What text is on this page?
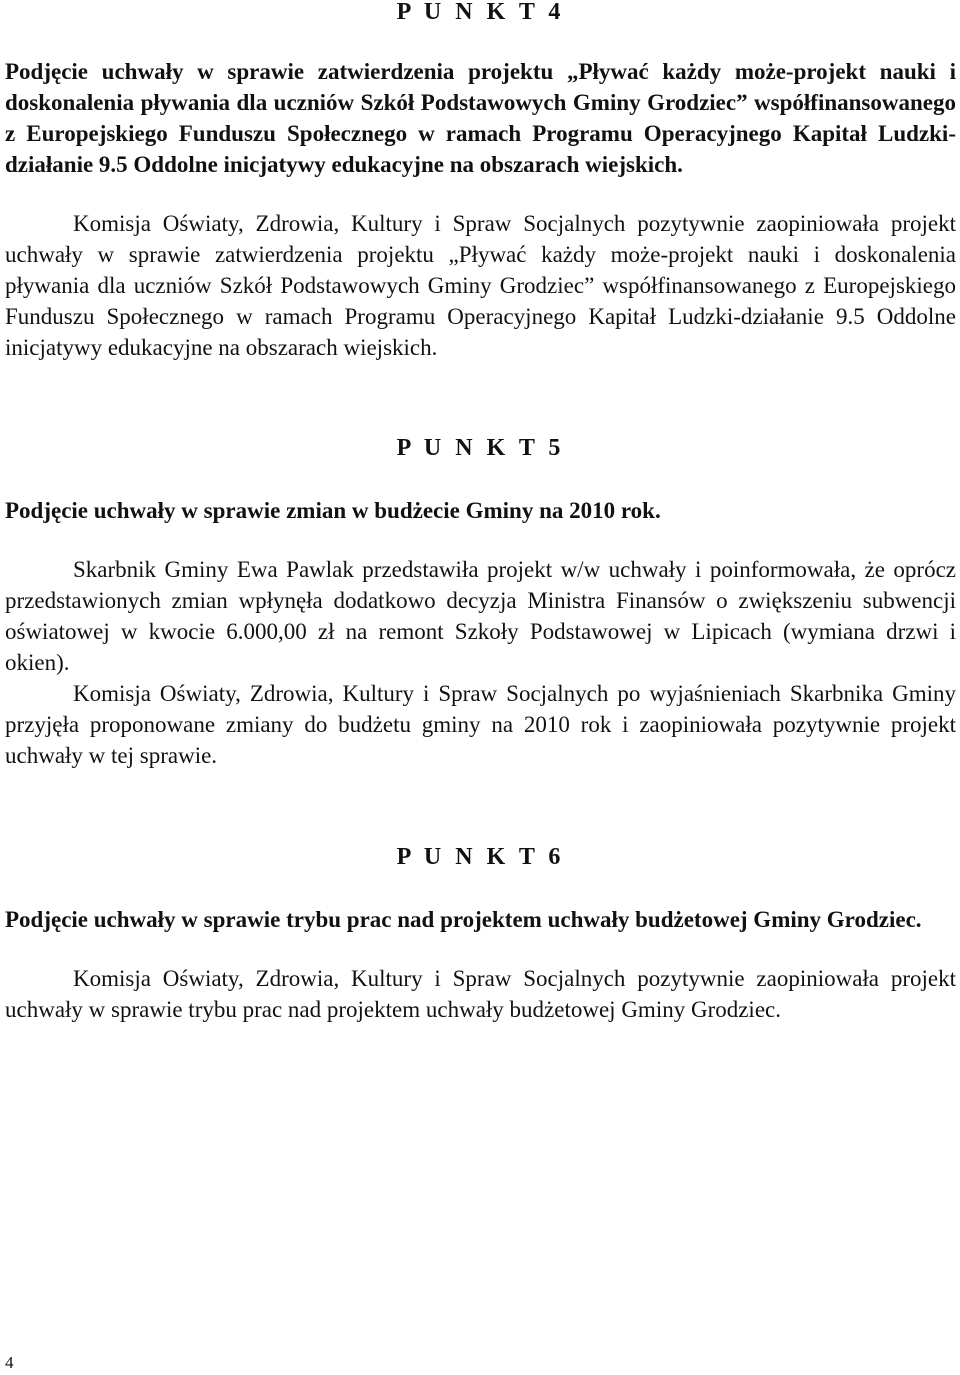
P U N K T 4

Podjęcie uchwały w sprawie zatwierdzenia projektu „Pływać każdy może-projekt nauki i doskonalenia pływania dla uczniów Szkół Podstawowych Gminy Grodziec” współfinansowanego z Europejskiego Funduszu Społecznego w ramach Programu Operacyjnego Kapitał Ludzki-działanie 9.5 Oddolne inicjatywy edukacyjne na obszarach wiejskich.

Komisja Oświaty, Zdrowia, Kultury i Spraw Socjalnych pozytywnie zaopiniowała projekt uchwały w sprawie zatwierdzenia projektu „Pływać każdy może-projekt nauki i doskonalenia pływania dla uczniów Szkół Podstawowych Gminy Grodziec” współfinansowanego z Europejskiego Funduszu Społecznego w ramach Programu Operacyjnego Kapitał Ludzki-działanie 9.5 Oddolne inicjatywy edukacyjne na obszarach wiejskich.

P U N K T 5

Podjęcie uchwały w sprawie zmian w budżecie Gminy na 2010 rok.

Skarbnik Gminy Ewa Pawlak przedstawiła projekt w/w uchwały i poinformowała, że oprócz przedstawionych zmian wpłynęła dodatkowo decyzja Ministra Finansów o zwiększeniu subwencji oświatowej w kwocie 6.000,00 zł na remont Szkoły Podstawowej w Lipicach (wymiana drzwi i okien).

Komisja Oświaty, Zdrowia, Kultury i Spraw Socjalnych po wyjaśnieniach Skarbnika Gminy przyjęła proponowane zmiany do budżetu gminy na 2010 rok i zaopiniowała pozytywnie projekt uchwały w tej sprawie.

P U N K T 6

Podjęcie uchwały w sprawie trybu prac nad projektem uchwały budżetowej Gminy Grodziec.

Komisja Oświaty, Zdrowia, Kultury i Spraw Socjalnych pozytywnie zaopiniowała projekt uchwały w sprawie trybu prac nad projektem uchwały budżetowej Gminy Grodziec.

4
